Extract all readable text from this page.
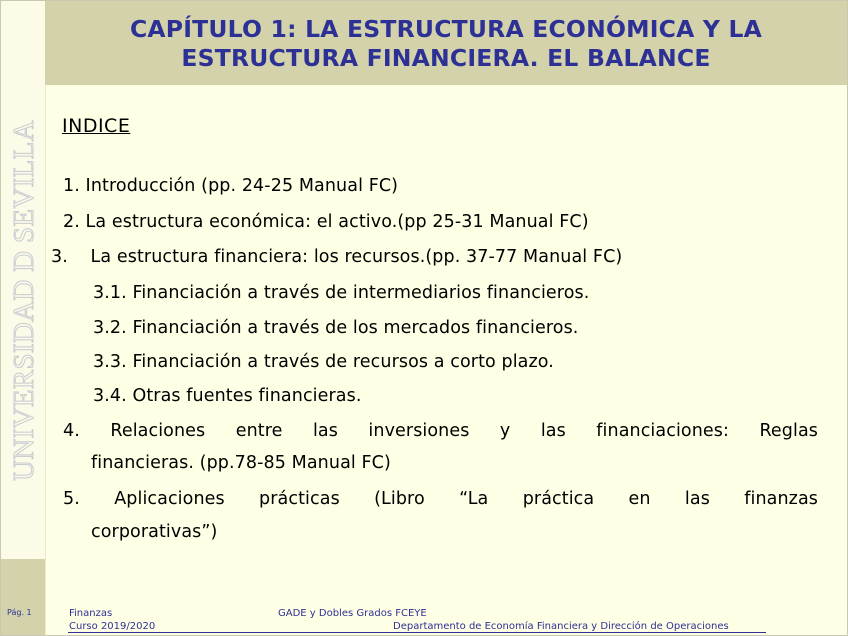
UNIVERSIDAD D SEVILLA
CAPÍTULO 1: LA ESTRUCTURA ECONÓMICA Y LA
ESTRUCTURA FINANCIERA. EL BALANCE
INDICE
1. Introducción (pp. 24-25 Manual FC)
2. La estructura económica: el activo.(pp 25-31 Manual FC)
3.    La estructura financiera: los recursos.(pp. 37-77 Manual FC)
3.1. Financiación a través de intermediarios financieros.
3.2. Financiación a través de los mercados financieros.
3.3. Financiación a través de recursos a corto plazo.
3.4. Otras fuentes financieras.
4. Relaciones entre las inversiones y las financiaciones: Reglas
financieras. (pp.78-85 Manual FC)
5. Aplicaciones prácticas (Libro “La práctica en las finanzas
corporativas”)
Pág. 1	Finanzas
Curso 2019/2020
GADE y Dobles Grados FCEYE
Departamento de Economía Financiera y Dirección de Operaciones
